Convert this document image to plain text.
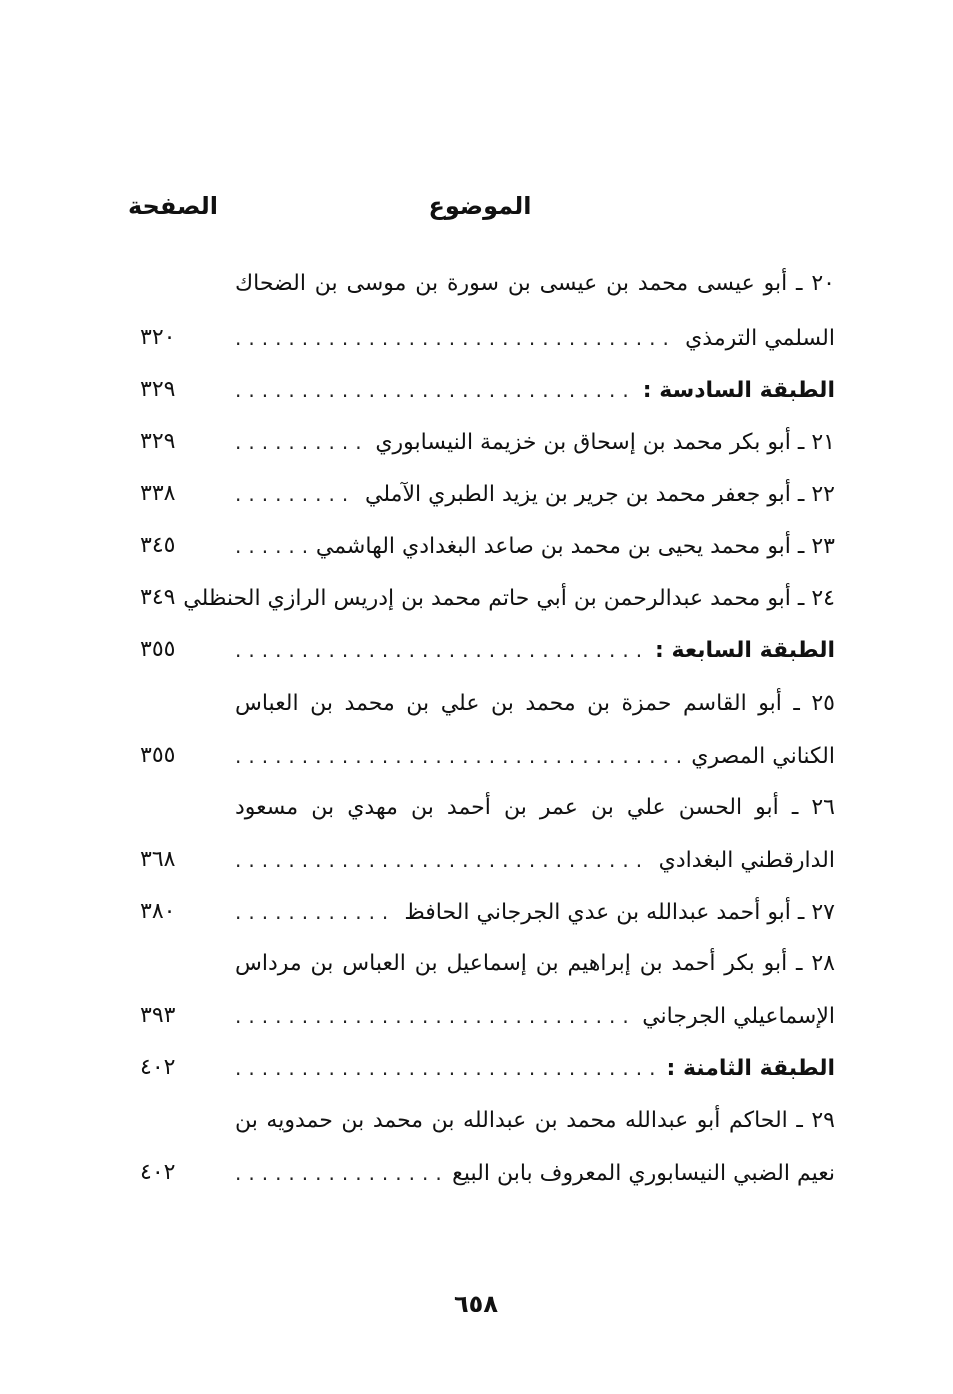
الموضوع
الصفحة
٢٠ ـ أبو عيسى محمد بن عيسى بن سورة بن موسى بن الضحاك
٣٢٠	السلمي الترمذي
.....
٣٢٩	الطبقة السادسة :
.....
٣٢٩	٢١ ـ أبو بكر محمد بن إسحاق بن خزيمة النيسابوري
.....
٣٣٨	٢٢ ـ أبو جعفر محمد بن جرير بن يزيد الطبري الآملي
.....
٣٤٥	٢٣ ـ أبو محمد يحيى بن محمد بن صاعد البغدادي الهاشمي
.....
٣٤٩ ٢٤ ـ أبو محمد عبدالرحمن بن أبي حاتم محمد بن إدريس الرازي الحنظلي
٣٥٥	الطبقة السابعة :
.....
٢٥ ـ أبو القاسم حمزة بن محمد بن علي بن محمد بن العباس
٣٥٥	الكناني المصري
.....
٢٦ ـ أبو الحسن علي بن عمر بن أحمد بن مهدي بن مسعود
٣٦٨	الدارقطني البغدادي
.....
٣٨٠	٢٧ ـ أبو أحمد عبدالله بن عدي الجرجاني الحافظ
.....
٢٨ ـ أبو بكر أحمد بن إبراهيم بن إسماعيل بن العباس بن مرداس
٣٩٣	الإسماعيلي الجرجاني
.....
٤٠٢	الطبقة الثامنة :
.....
٢٩ ـ الحاكم أبو عبدالله محمد بن عبدالله بن محمد بن حمدويه بن
٤٠٢	نعيم الضبي النيسابوري المعروف بابن البيع
.....
٦٥٨
